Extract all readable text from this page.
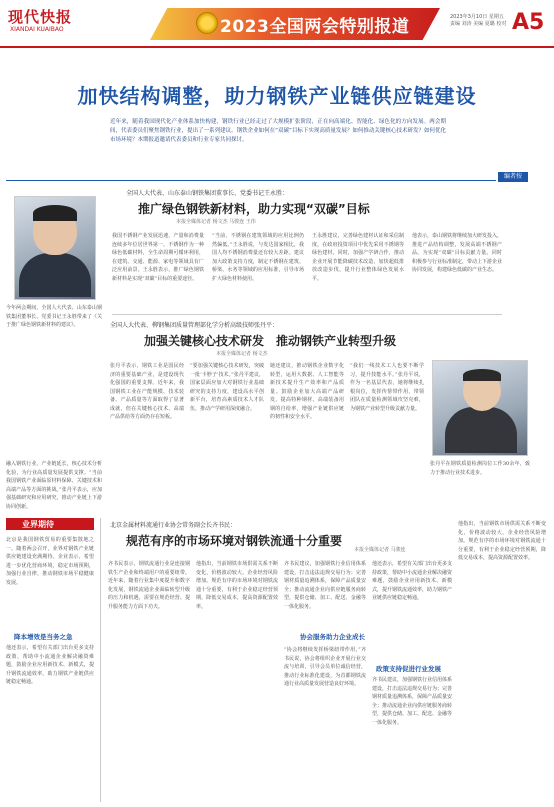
现代快报
XIANDAI KUAIBAO	2023全国两会特别报道	2023年3月10日 星期五 责编 刘涛 美编 夏璐 校对 A5
加快结构调整，助力钢铁产业链供应链建设
近年来，随着我国现代化产业体系加快构建，钢铁行业已经走过了大规模扩张阶段，正在向高端化、智能化、绿色化的方向发展。两会期间，代表委员们聚焦钢铁行业，提出了一系列建议。钢铁企业如何在“双碳”目标下实现高质量发展？如何推动关键核心技术研发？如何优化市场环境？本期报道邀请代表委员和行业专家共同探讨。
编者按
全国人大代表、山东泰山钢铁集团董事长、党委书记王永胜：
推广绿色钢铁新材料，助力实现“双碳”目标
本报全媒体记者 杨文杰 马骏连 王伟
今年两会期间，全国人大代表、山东泰山钢铁集团董事长、党委书记王永胜带来了《关于推广绿色钢铁新材料的建议》。
我国不锈钢产业发展迅速，产量和消费量连续多年位居世界第一。不锈钢作为一种绿色低碳材料，全生命周期可循环利用，在建筑、交通、能源、家电等领域具有广泛应用前景。王永胜表示，推广绿色钢铁新材料是实现“双碳”目标的重要途径。
“当前，不锈钢在建筑领域的应用比例仍然偏低。”王永胜说，与发达国家相比，我国人均不锈钢消费量还有较大差距。建议加大政策支持力度，制定不锈钢在建筑、桥梁、水务等领域的应用标准，引导市场扩大绿色材料使用。
王永胜建议，完善绿色建材认证和采信制度，在政府投资项目中优先采用不锈钢等绿色建材。同时，加强产学研合作，推动企业开展节能降碳技术改造，加快超低排放改造步伐，提升行业整体绿色发展水平。
他表示，泰山钢铁将继续加大研发投入，推进产品结构调整，发展高端不锈钢产品，为实现“双碳”目标贡献力量。同时积极参与行业标准制定，带动上下游企业协同发展，构建绿色低碳的产业生态。
全国人大代表、柳钢集团质量管理部化学分析高级技师张丹平：
加强关键核心技术研发　推动钢铁产业转型升级
本报全媒体记者 杨文杰
张丹平表示，钢铁工业是国民经济的重要基础产业，是建设现代化强国的重要支撑。近年来，我国钢铁工业在产能规模、技术装备、产品质量等方面取得了显著成就，但在关键核心技术、高端产品供给等方面仍存在短板。
“要加强关键核心技术研发，突破一批‘卡脖子’技术。”张丹平建议，国家层面应加大对钢铁行业基础研究的支持力度，建设高水平创新平台，培育高素质技术人才队伍，推动产学研用深度融合。
她还建议，推动钢铁企业数字化转型，运用大数据、人工智能等新技术提升生产效率和产品质量。鼓励企业加大高端产品研发，提高特种钢材、高端装备用钢的自给率，增强产业链供应链的韧性和安全水平。
“我们一线技术工人也要不断学习，提升技能水平。”张丹平说，作为一名基层代表，她将继续扎根岗位，发挥传帮带作用，带领团队在质量检测领域攻坚克难，为钢铁产业转型升级贡献力量。
张丹平在钢铁质量检测岗位工作30余年，致力于推动行业技术进步。
融入钢铁行业，产业链延长，核心技术分析化验，为行业高质量发展提供支撑。“当前我国钢铁产业面临原材料保障、关键技术和高端产品等方面的挑战。”张丹平表示，应加强基础研究和应用研究，推动产业链上下游协同创新。
业界期待
北京是我国钢铁贸易的重要集散地之一。随着两会召开，业界对钢铁产业链供应链建设充满期待。企业表示，希望进一步优化营商环境，稳定市场预期，加强行业自律，推动钢铁市场平稳健康发展。
降本增效是当务之急
他还表示，希望有关部门出台更多支持政策，帮助中小流通企业解决融资难题，鼓励企业应用新技术、新模式，提升钢铁流通效率，助力钢铁产业链供应链稳定畅通。
北京金属材料流通行业协会常务副会长齐书民：
规范有序的市场环境对钢铁流通十分重要
本报全媒体记者 马骏连
齐书民表示，钢铁流通行业是连接钢铁生产企业和终端用户的重要纽带。近年来，随着行业集中度提升和数字化发展，钢铁流通企业面临转型升级的压力和机遇，需要在规范经营、提升服务能力方面下功夫。
他指出，当前钢铁市场供需关系不断变化，价格波动较大，企业经营风险增加。规范有序的市场环境对钢铁流通十分重要，有利于企业稳定经营预期，降低交易成本，提高资源配置效率。
齐书民建议，加强钢铁行业信用体系建设，打击违法违规交易行为；完善钢材质量追溯体系，保障产品质量安全；推动流通企业向供应链服务商转型，提供仓储、加工、配送、金融等一体化服务。
协会服务助力企业成长
“协会将继续发挥桥梁纽带作用，”齐书民说，协会将组织企业开展行业交流与培训，引导会员单位诚信经营，推动行业标准化建设，为首都钢铁流通行业高质量发展营造良好环境。
他还表示，希望有关部门出台更多支持政策，帮助中小流通企业解决融资难题，鼓励企业应用新技术、新模式，提升钢铁流通效率，助力钢铁产业链供应链稳定畅通。
政策支持促进行业发展
齐书民建议，加强钢铁行业信用体系建设，打击违法违规交易行为；完善钢材质量追溯体系，保障产品质量安全；推动流通企业向供应链服务商转型，提供仓储、加工、配送、金融等一体化服务。
他指出，当前钢铁市场供需关系不断变化，价格波动较大，企业经营风险增加。规范有序的市场环境对钢铁流通十分重要，有利于企业稳定经营预期，降低交易成本，提高资源配置效率。
